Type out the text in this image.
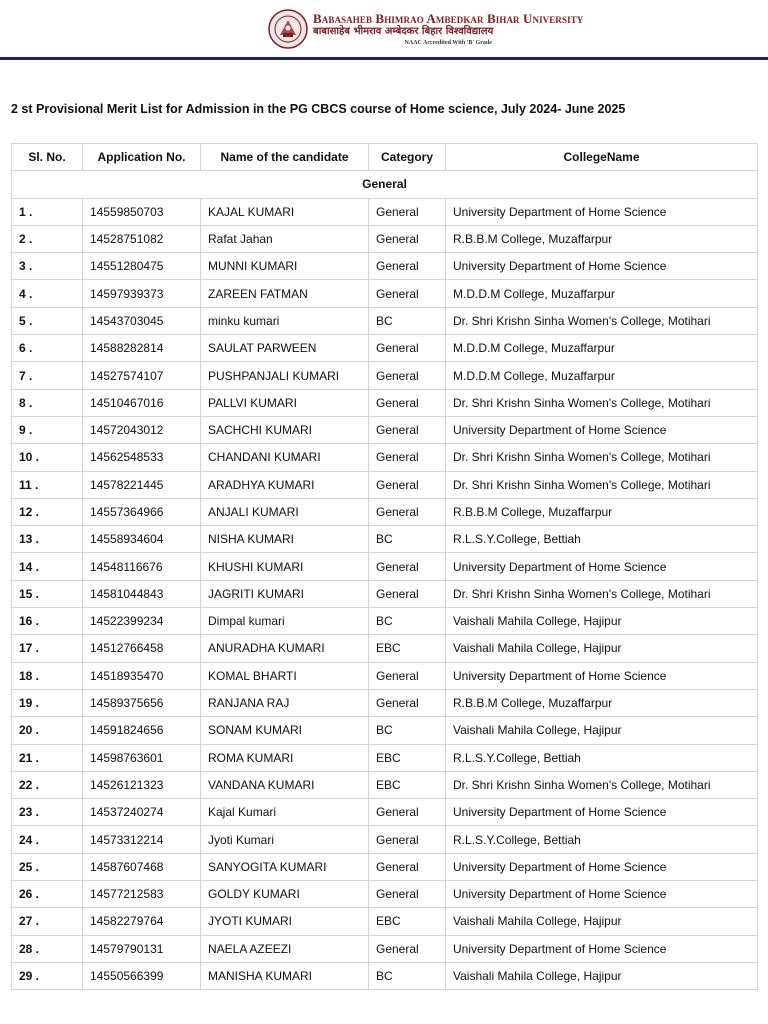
Babasaheb Bhimrao Ambedkar Bihar University
बाबासाहेब भीमराव अम्बेदकर बिहार विश्वविद्यालय
NAAC Accredited With 'B' Grade
2 st Provisional Merit List for Admission in the PG CBCS course of Home science, July 2024- June 2025
Sl. No.	Application No.	Name of the candidate	Category	CollegeName
General				
1 .	14559850703	KAJAL KUMARI	General	University Department of Home Science
2 .	14528751082	Rafat Jahan	General	R.B.B.M College, Muzaffarpur
3 .	14551280475	MUNNI KUMARI	General	University Department of Home Science
4 .	14597939373	ZAREEN FATMAN	General	M.D.D.M College, Muzaffarpur
5 .	14543703045	minku kumari	BC	Dr. Shri Krishn Sinha Women's College, Motihari
6 .	14588282814	SAULAT PARWEEN	General	M.D.D.M College, Muzaffarpur
7 .	14527574107	PUSHPANJALI KUMARI	General	M.D.D.M College, Muzaffarpur
8 .	14510467016	PALLVI KUMARI	General	Dr. Shri Krishn Sinha Women's College, Motihari
9 .	14572043012	SACHCHI KUMARI	General	University Department of Home Science
10 .	14562548533	CHANDANI KUMARI	General	Dr. Shri Krishn Sinha Women's College, Motihari
11 .	14578221445	ARADHYA KUMARI	General	Dr. Shri Krishn Sinha Women's College, Motihari
12 .	14557364966	ANJALI KUMARI	General	R.B.B.M College, Muzaffarpur
13 .	14558934604	NISHA KUMARI	BC	R.L.S.Y.College, Bettiah
14 .	14548116676	KHUSHI KUMARI	General	University Department of Home Science
15 .	14581044843	JAGRITI KUMARI	General	Dr. Shri Krishn Sinha Women's College, Motihari
16 .	14522399234	Dimpal kumari	BC	Vaishali Mahila College, Hajipur
17 .	14512766458	ANURADHA KUMARI	EBC	Vaishali Mahila College, Hajipur
18 .	14518935470	KOMAL BHARTI	General	University Department of Home Science
19 .	14589375656	RANJANA RAJ	General	R.B.B.M College, Muzaffarpur
20 .	14591824656	SONAM KUMARI	BC	Vaishali Mahila College, Hajipur
21 .	14598763601	ROMA KUMARI	EBC	R.L.S.Y.College, Bettiah
22 .	14526121323	VANDANA KUMARI	EBC	Dr. Shri Krishn Sinha Women's College, Motihari
23 .	14537240274	Kajal Kumari	General	University Department of Home Science
24 .	14573312214	Jyoti Kumari	General	R.L.S.Y.College, Bettiah
25 .	14587607468	SANYOGITA KUMARI	General	University Department of Home Science
26 .	14577212583	GOLDY KUMARI	General	University Department of Home Science
27 .	14582279764	JYOTI KUMARI	EBC	Vaishali Mahila College, Hajipur
28 .	14579790131	NAELA AZEEZI	General	University Department of Home Science
29 .	14550566399	MANISHA KUMARI	BC	Vaishali Mahila College, Hajipur
